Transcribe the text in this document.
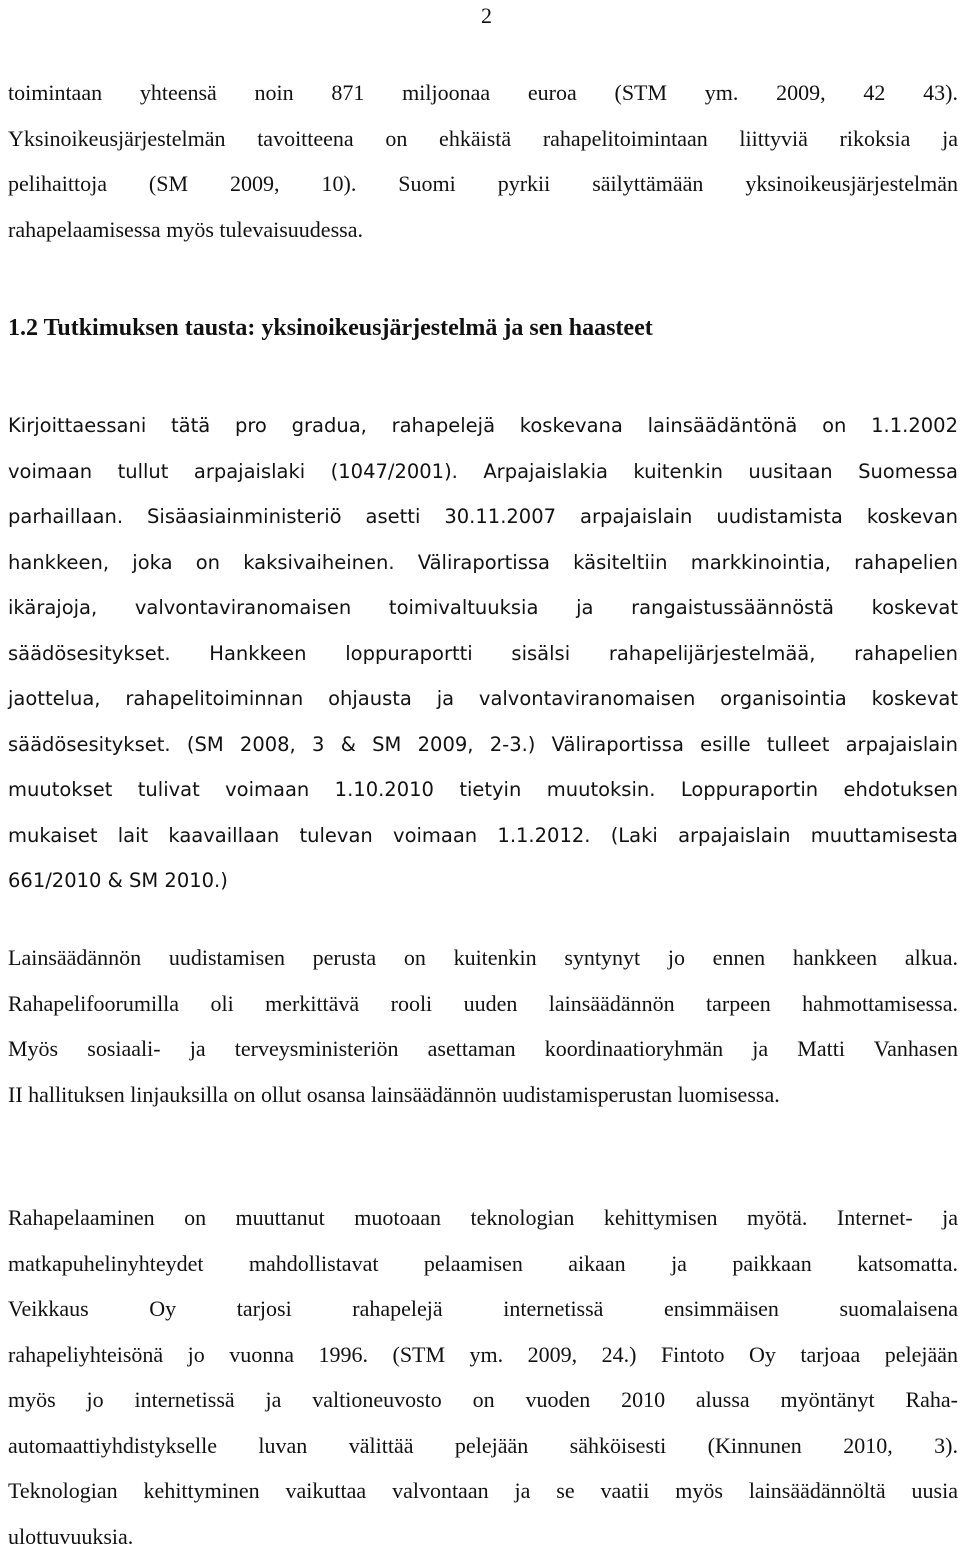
2

toimintaan yhteensä noin 871 miljoonaa euroa (STM ym. 2009, 42 43).
Yksinoikeusjärjestelmän tavoitteena on ehkäistä rahapelitoimintaan liittyviä rikoksia ja
pelihaittoja (SM 2009, 10). Suomi pyrkii säilyttämään yksinoikeusjärjestelmän
rahapelaamisessa myös tulevaisuudessa.

1.2 Tutkimuksen tausta: yksinoikeusjärjestelmä ja sen haasteet

Kirjoittaessani tätä pro gradua, rahapelejä koskevana lainsäädäntönä on 1.1.2002
voimaan tullut arpajaislaki (1047/2001). Arpajaislakia kuitenkin uusitaan Suomessa
parhaillaan. Sisäasiainministeriö asetti 30.11.2007 arpajaislain uudistamista koskevan
hankkeen, joka on kaksivaiheinen. Väliraportissa käsiteltiin markkinointia, rahapelien
ikärajoja, valvontaviranomaisen toimivaltuuksia ja rangaistussäännöstä koskevat
säädösesitykset. Hankkeen loppuraportti sisälsi rahapelijärjestelmää, rahapelien
jaottelua, rahapelitoiminnan ohjausta ja valvontaviranomaisen organisointia koskevat
säädösesitykset. (SM 2008, 3 & SM 2009, 2-3.) Väliraportissa esille tulleet arpajaislain
muutokset tulivat voimaan 1.10.2010 tietyin muutoksin. Loppuraportin ehdotuksen
mukaiset lait kaavaillaan tulevan voimaan 1.1.2012. (Laki arpajaislain muuttamisesta
661/2010 & SM 2010.)

Lainsäädännön uudistamisen perusta on kuitenkin syntynyt jo ennen hankkeen alkua.
Rahapelifoorumilla oli merkittävä rooli uuden lainsäädännön tarpeen hahmottamisessa.
Myös sosiaali- ja terveysministeriön asettaman koordinaatioryhmän ja Matti Vanhasen
II hallituksen linjauksilla on ollut osansa lainsäädännön uudistamisperustan luomisessa.

Rahapelaaminen on muuttanut muotoaan teknologian kehittymisen myötä. Internet- ja
matkapuhelinyhteydet mahdollistavat pelaamisen aikaan ja paikkaan katsomatta.
Veikkaus Oy tarjosi rahapelejä internetissä ensimmäisen suomalaisena
rahapeliyhteisönä jo vuonna 1996. (STM ym. 2009, 24.) Fintoto Oy tarjoaa pelejään
myös jo internetissä ja valtioneuvosto on vuoden 2010 alussa myöntänyt Raha-
automaattiyhdistykselle luvan välittää pelejään sähköisesti (Kinnunen 2010, 3).
Teknologian kehittyminen vaikuttaa valvontaan ja se vaatii myös lainsäädännöltä uusia
ulottuvuuksia.
